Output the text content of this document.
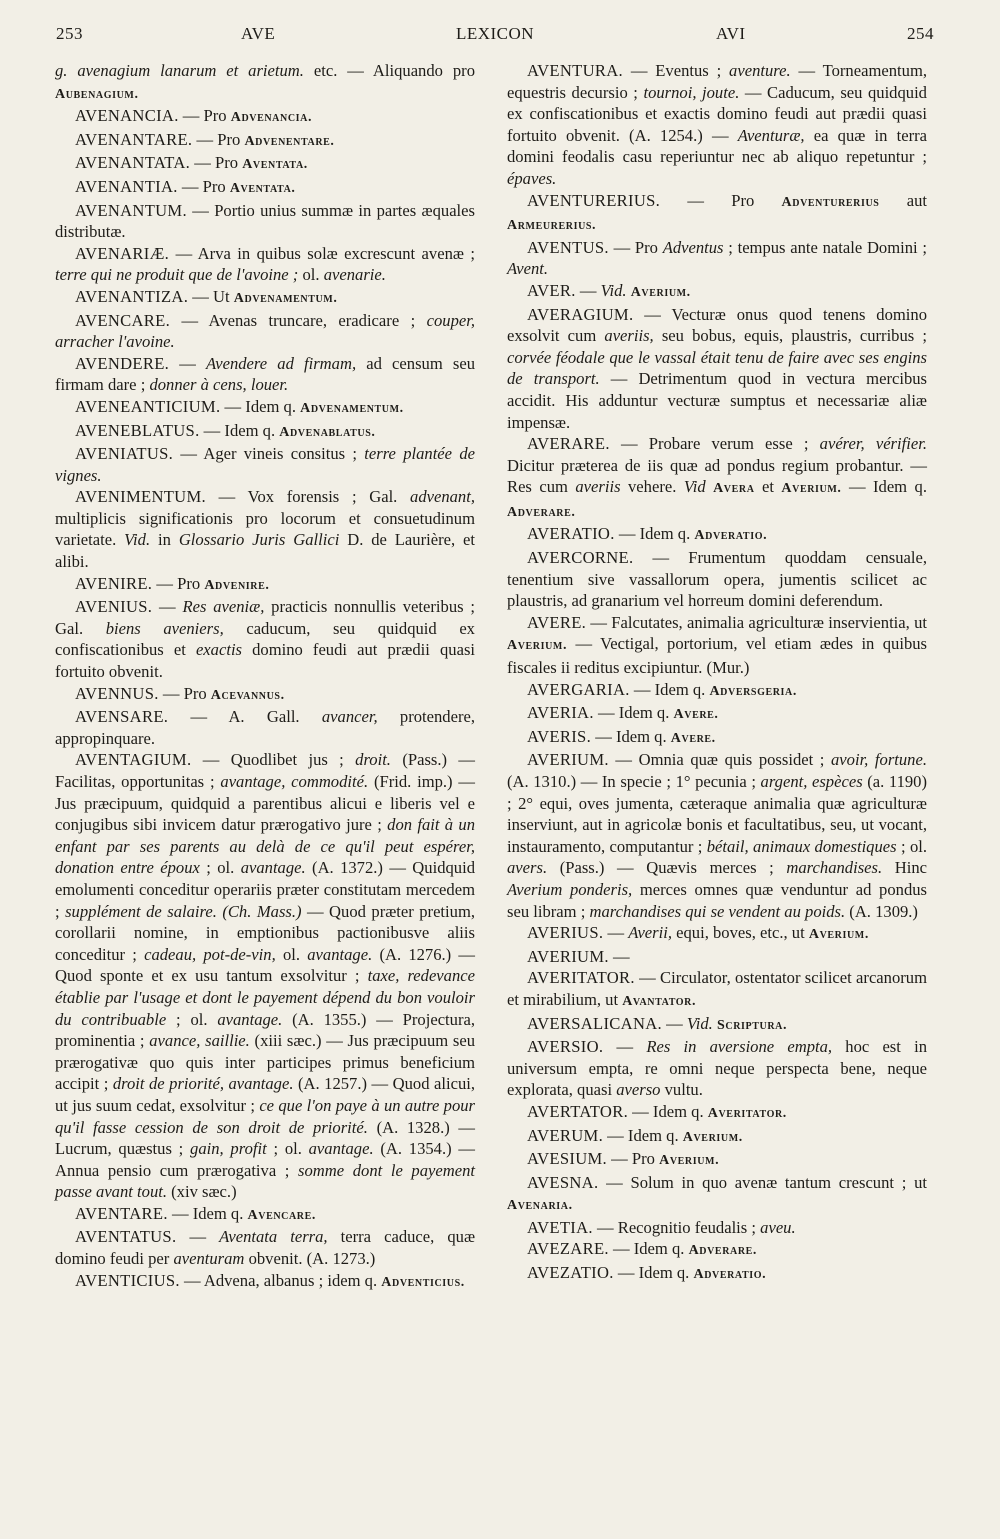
LEXICON
253	AVE	AVI	254

g. avenagium lanarum et arietum. etc. — Aliquando pro Aubenagium.

AVENANCIA. — Pro Advenancia.

AVENANTARE. — Pro Advenentare.

AVENANTATA. — Pro Aventata.

AVENANTIA. — Pro Aventata.

AVENANTUM. — Portio unius summæ in partes æquales distributæ.

AVENARIÆ. — Arva in quibus solæ excrescunt avenæ ; terre qui ne produit que de l'avoine ; ol. avenarie.

AVENANTIZA. — Ut Advenamentum.

AVENCARE. — Avenas truncare, eradicare ; couper, arracher l'avoine.

AVENDERE. — Avendere ad firmam, ad censum seu firmam dare ; donner à cens, louer.

AVENEANTICIUM. — Idem q. Advenamentum.

AVENEBLATUS. — Idem q. Advenablatus.

AVENIATUS. — Ager vineis consitus ; terre plantée de vignes.

AVENIMENTUM. — Vox forensis ; Gal. advenant, multiplicis significationis pro locorum et consuetudinum varietate. Vid. in Glossario Juris Gallici D. de Laurière, et alibi.

AVENIRE. — Pro Advenire.

AVENIUS. — Res aveniæ, practicis nonnullis veteribus ; Gal. biens aveniers, caducum, seu quidquid ex confiscationibus et exactis domino feudi aut prædii quasi fortuito obvenit.

AVENNUS. — Pro Acevannus.

AVENSARE. — A. Gall. avancer, protendere, appropinquare.

AVENTAGIUM. — Quodlibet jus ; droit. (Pass.) — Facilitas, opportunitas ; avantage, commodité. (Frid. imp.) — Jus præcipuum, quidquid a parentibus alicui e liberis vel e conjugibus sibi invicem datur prærogativo jure ; don fait à un enfant par ses parents au delà de ce qu'il peut espérer, donation entre époux ; ol. avantage. (A. 1372.) — Quidquid emolumenti conceditur operariis præter constitutam mercedem ; supplément de salaire. (Ch. Mass.) — Quod præter pretium, corollarii nomine, in emptionibus pactionibusve aliis conceditur ; cadeau, pot-de-vin, ol. avantage. (A. 1276.) — Quod sponte et ex usu tantum exsolvitur ; taxe, redevance établie par l'usage et dont le payement dépend du bon vouloir du contribuable ; ol. avantage. (A. 1355.) — Projectura, prominentia ; avance, saillie. (xiii sæc.) — Jus præcipuum seu prærogativæ quo quis inter participes primus beneficium accipit ; droit de priorité, avantage. (A. 1257.) — Quod alicui, ut jus suum cedat, exsolvitur ; ce que l'on paye à un autre pour qu'il fasse cession de son droit de priorité. (A. 1328.) — Lucrum, quæstus ; gain, profit ; ol. avantage. (A. 1354.) — Annua pensio cum prærogativa ; somme dont le payement passe avant tout. (xiv sæc.)

AVENTARE. — Idem q. Avencare.

AVENTATUS. — Aventata terra, terra caduce, quæ domino feudi per aventuram obvenit. (A. 1273.)

AVENTICIUS. — Advena, albanus ; idem q. Adventicius.

AVENTURA. — Eventus ; aventure. — Torneamentum, equestris decursio ; tournoi, joute. — Caducum, seu quidquid ex confiscationibus et exactis domino feudi aut prædii quasi fortuito obvenit. (A. 1254.) — Aventuræ, ea quæ in terra domini feodalis casu reperiuntur nec ab aliquo repetuntur ; épaves.

AVENTURERIUS. — Pro Adventurerius aut Armeurerius.

AVENTUS. — Pro Adventus ; tempus ante natale Domini ; Avent.

AVER. — Vid. Averium.

AVERAGIUM. — Vecturæ onus quod tenens domino exsolvit cum averiis, seu bobus, equis, plaustris, curribus ; corvée féodale que le vassal était tenu de faire avec ses engins de transport. — Detrimentum quod in vectura mercibus accidit. His adduntur vecturæ sumptus et necessariæ aliæ impensæ.

AVERARE. — Probare verum esse ; avérer, vérifier. Dicitur præterea de iis quæ ad pondus regium probantur. — Res cum averiis vehere. Vid Avera et Averium. — Idem q. Adverare.

AVERATIO. — Idem q. Adveratio.

AVERCORNE. — Frumentum quoddam censuale, tenentium sive vassallorum opera, jumentis scilicet ac plaustris, ad granarium vel horreum domini deferendum.

AVERE. — Falcutates, animalia agriculturæ inservientia, ut Averium. — Vectigal, portorium, vel etiam ædes in quibus fiscales ii reditus excipiuntur. (Mur.)

AVERGARIA. — Idem q. Adversgeria.

AVERIA. — Idem q. Avere.

AVERIS. — Idem q. Avere.

AVERIUM. — Omnia quæ quis possidet ; avoir, fortune. (A. 1310.) — In specie ; 1° pecunia ; argent, espèces (a. 1190) ; 2° equi, oves jumenta, cæteraque animalia quæ agriculturæ inserviunt, aut in agricolæ bonis et facultatibus, seu, ut vocant, instauramento, computantur ; bétail, animaux domestiques ; ol. avers. (Pass.) — Quævis merces ; marchandises. Hinc Averium ponderis, merces omnes quæ venduntur ad pondus seu libram ; marchandises qui se vendent au poids. (A. 1309.)

AVERIUS. — Averii, equi, boves, etc., ut Averium.

AVERIUM. —

AVERITATOR. — Circulator, ostentator scilicet arcanorum et mirabilium, ut Avantator.

AVERSALICANA. — Vid. Scriptura.

AVERSIO. — Res in aversione empta, hoc est in universum empta, re omni neque perspecta bene, neque explorata, quasi averso vultu.

AVERTATOR. — Idem q. Averitator.

AVERUM. — Idem q. Averium.

AVESIUM. — Pro Averium.

AVESNA. — Solum in quo avenæ tantum crescunt ; ut Avenaria.

AVETIA. — Recognitio feudalis ; aveu.

AVEZARE. — Idem q. Adverare.

AVEZATIO. — Idem q. Adveratio.
